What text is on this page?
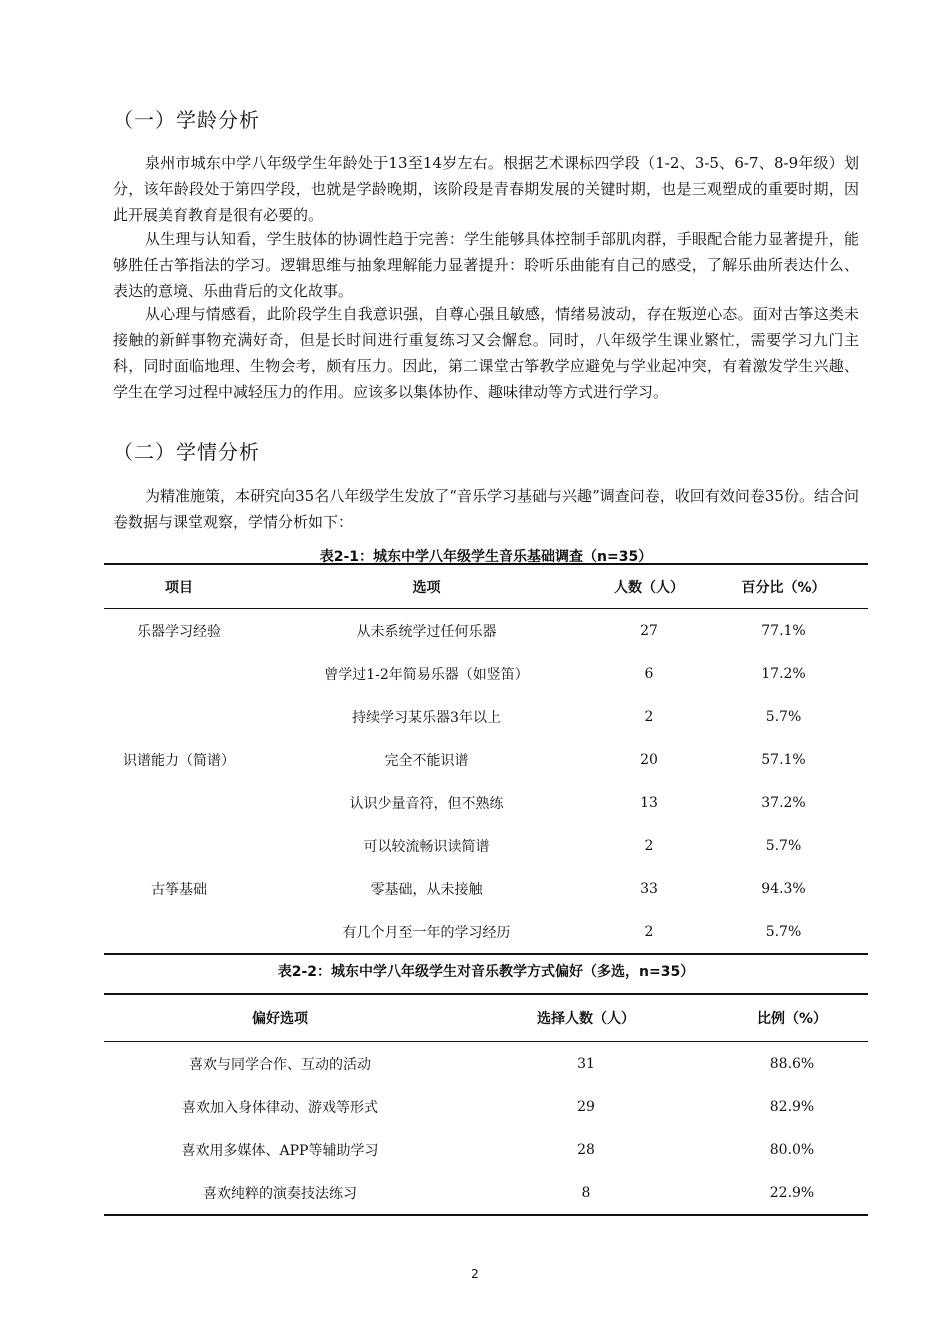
（一）学龄分析

泉州市城东中学八年级学生年龄处于13至14岁左右。根据艺术课标四学段（1-2、3-5、6-7、8-9年级）划分，该年龄段处于第四学段，也就是学龄晚期，该阶段是青春期发展的关键时期，也是三观塑成的重要时期，因此开展美育教育是很有必要的。

从生理与认知看，学生肢体的协调性趋于完善：学生能够具体控制手部肌肉群，手眼配合能力显著提升，能够胜任古筝指法的学习。逻辑思维与抽象理解能力显著提升：聆听乐曲能有自己的感受，了解乐曲所表达什么、表达的意境、乐曲背后的文化故事。

从心理与情感看，此阶段学生自我意识强，自尊心强且敏感，情绪易波动，存在叛逆心态。面对古筝这类未接触的新鲜事物充满好奇，但是长时间进行重复练习又会懈怠。同时，八年级学生课业繁忙，需要学习九门主科，同时面临地理、生物会考，颇有压力。因此，第二课堂古筝教学应避免与学业起冲突，有着激发学生兴趣、学生在学习过程中减轻压力的作用。应该多以集体协作、趣味律动等方式进行学习。

（二）学情分析

为精准施策，本研究向35名八年级学生发放了“音乐学习基础与兴趣”调查问卷，收回有效问卷35份。结合问卷数据与课堂观察，学情分析如下：

表2-1：城东中学八年级学生音乐基础调查（n=35）

项目	选项	人数（人）	百分比（%）
乐器学习经验	从未系统学过任何乐器	27	77.1%
	曾学过1-2年简易乐器（如竖笛）	6	17.2%
	持续学习某乐器3年以上	2	5.7%
识谱能力（简谱）	完全不能识谱	20	57.1%
	认识少量音符，但不熟练	13	37.2%
	可以较流畅识读简谱	2	5.7%
古筝基础	零基础，从未接触	33	94.3%
	有几个月至一年的学习经历	2	5.7%

表2-2：城东中学八年级学生对音乐教学方式偏好（多选，n=35）

偏好选项	选择人数（人）	比例（%）
喜欢与同学合作、互动的活动	31	88.6%
喜欢加入身体律动、游戏等形式	29	82.9%
喜欢用多媒体、APP等辅助学习	28	80.0%
喜欢纯粹的演奏技法练习	8	22.9%
2
